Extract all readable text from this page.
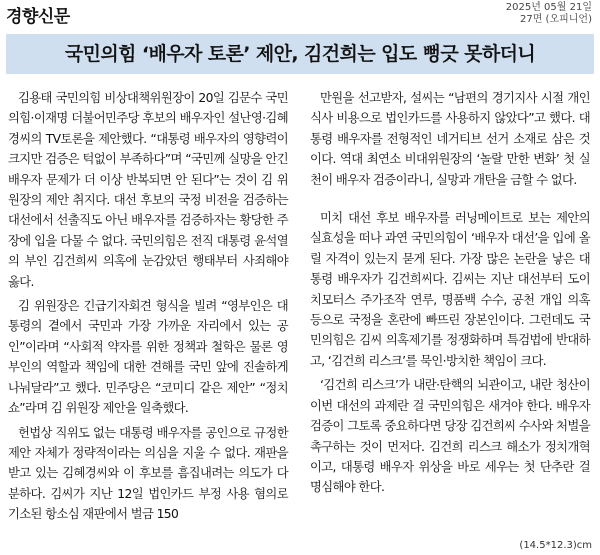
경향신문	2025년 05월 21일
27면 (오피니언)
국민의힘 ‘배우자 토론’ 제안, 김건희는 입도 뻥긋 못하더니

김용태 국민의힘 비상대책위원장이 20일 김문수 국민의힘·이재명 더불어민주당 후보의 배우자인 설난영·김혜경씨의 TV토론을 제안했다. “대통령 배우자의 영향력이 크지만 검증은 턱없이 부족하다”며 “국민께 실망을 안긴 배우자 문제가 더 이상 반복되면 안 된다”는 것이 김 위원장의 제안 취지다. 대선 후보의 국정 비전을 검증하는 대선에서 선출직도 아닌 배우자를 검증하자는 황당한 주장에 입을 다물 수 없다. 국민의힘은 전직 대통령 윤석열의 부인 김건희씨 의혹에 눈감았던 행태부터 사죄해야 옳다.

김 위원장은 긴급기자회견 형식을 빌려 “영부인은 대통령의 곁에서 국민과 가장 가까운 자리에서 있는 공인”이라며 “사회적 약자를 위한 정책과 철학은 물론 영부인의 역할과 책임에 대한 견해를 국민 앞에 진솔하게 나눠달라”고 했다. 민주당은 “코미디 같은 제안” “정치쇼”라며 김 위원장 제안을 일축했다.

헌법상 직위도 없는 대통령 배우자를 공인으로 규정한 제안 자체가 정략적이라는 의심을 지울 수 없다. 재판을 받고 있는 김혜경씨와 이 후보를 흠집내려는 의도가 다분하다. 김씨가 지난 12일 법인카드 부정 사용 혐의로 기소된 항소심 재판에서 벌금 150

만원을 선고받자, 설씨는 “남편의 경기지사 시절 개인 식사 비용으로 법인카드를 사용하지 않았다”고 했다. 대통령 배우자를 전형적인 네거티브 선거 소재로 삼은 것이다. 역대 최연소 비대위원장의 ‘놀랄 만한 변화’ 첫 실천이 배우자 검증이라니, 실망과 개탄을 금할 수 없다.

미치 대선 후보 배우자를 러닝메이트로 보는 제안의 실효성을 떠나 과연 국민의힘이 ‘배우자 대선’을 입에 올릴 자격이 있는지 묻게 된다. 가장 많은 논란을 낳은 대통령 배우자가 김건희씨다. 김씨는 지난 대선부터 도이치모터스 주가조작 연루, 명품백 수수, 공천 개입 의혹 등으로 국정을 혼란에 빠뜨린 장본인이다. 그런데도 국민의힘은 김씨 의혹제기를 정쟁화하며 특검법에 반대하고, ‘김건희 리스크’를 묵인·방치한 책임이 크다.

‘김건희 리스크’가 내란·탄핵의 뇌관이고, 내란 청산이 이번 대선의 과제란 걸 국민의힘은 새겨야 한다. 배우자 검증이 그토록 중요하다면 당장 김건희씨 수사와 처벌을 촉구하는 것이 먼저다. 김건희 리스크 해소가 정치개혁이고, 대통령 배우자 위상을 바로 세우는 첫 단추란 걸 명심해야 한다.

(14.5*12.3)cm
